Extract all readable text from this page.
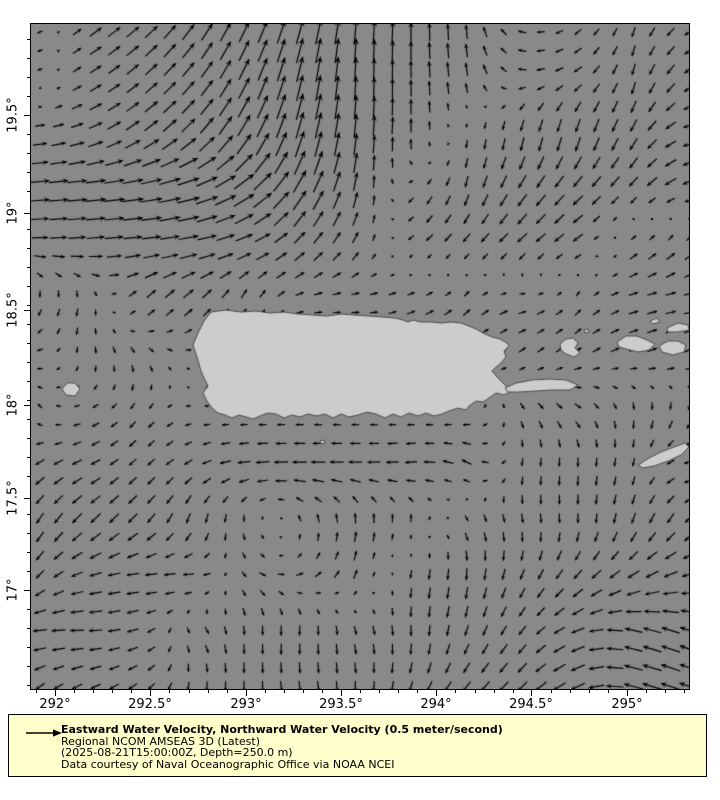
Eastward Water Velocity, Northward Water Velocity (0.5 meter/second)
Regional NCOM AMSEAS 3D (Latest)
(2025-08-21T15:00:00Z, Depth=250.0 m)
Data courtesy of Naval Oceanographic Office via NOAA NCEI
292°	292.5°	293°	293.5°	294°	294.5°	295°
19.5°
19°
18.5°
18°
17.5°
17°
